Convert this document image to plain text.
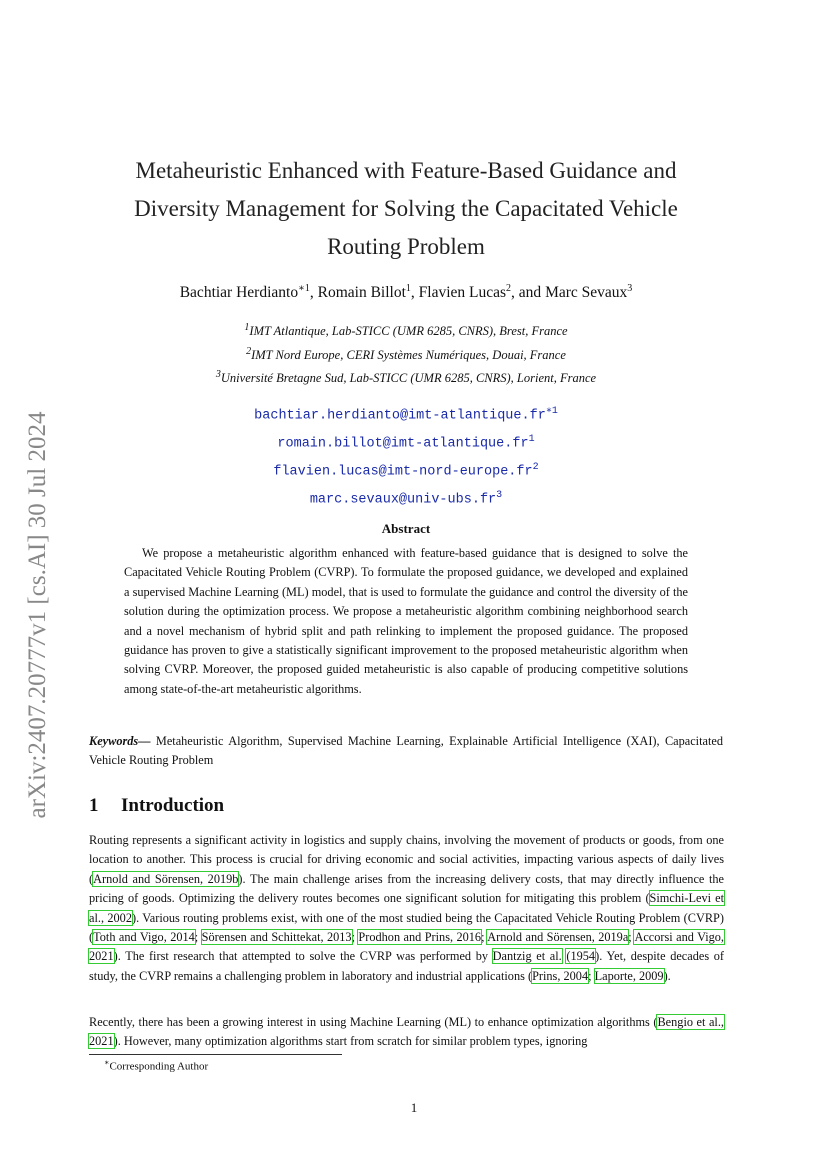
arXiv:2407.20777v1 [cs.AI] 30 Jul 2024
Metaheuristic Enhanced with Feature-Based Guidance and
Diversity Management for Solving the Capacitated Vehicle
Routing Problem
Bachtiar Herdianto$^{∗1}$, Romain Billot$^1$, Flavien Lucas$^2$, and Marc Sevaux$^3$
$^1$IMT Atlantique, Lab-STICC (UMR 6285, CNRS), Brest, France
$^2$IMT Nord Europe, CERI Systèmes Numériques, Douai, France
$^3$Université Bretagne Sud, Lab-STICC (UMR 6285, CNRS), Lorient, France
$bachtiar.herdianto@imt-atlantique.fr^{∗1}$
$romain.billot@imt-atlantique.fr^1$
$flavien.lucas@imt-nord-europe.fr^2$
$marc.sevaux@univ-ubs.fr^3$
Abstract
We propose a metaheuristic algorithm enhanced with feature-based guidance that is designed to solve the Capacitated Vehicle Routing Problem (CVRP). To formulate the proposed guidance, we developed and explained a supervised Machine Learning (ML) model, that is used to formulate the guidance and control the diversity of the solution during the optimization process. We propose a metaheuristic algorithm combining neighborhood search and a novel mechanism of hybrid split and path relinking to implement the proposed guidance. The proposed guidance has proven to give a statistically significant improvement to the proposed metaheuristic algorithm when solving CVRP. Moreover, the proposed guided metaheuristic is also capable of producing competitive solutions among state-of-the-art metaheuristic algorithms.
Keywords— Metaheuristic Algorithm, Supervised Machine Learning, Explainable Artificial Intelligence (XAI), Capacitated Vehicle Routing Problem
1 Introduction
Routing represents a significant activity in logistics and supply chains, involving the movement of products or goods, from one location to another. This process is crucial for driving economic and social activities, impacting various aspects of daily lives (Arnold and Sörensen, 2019b). The main challenge arises from the increasing delivery costs, that may directly influence the pricing of goods. Optimizing the delivery routes becomes one significant solution for mitigating this problem (Simchi-Levi et al., 2002). Various routing problems exist, with one of the most studied being the Capacitated Vehicle Routing Problem (CVRP) (Toth and Vigo, 2014; Sörensen and Schittekat, 2013; Prodhon and Prins, 2016; Arnold and Sörensen, 2019a; Accorsi and Vigo, 2021). The first research that attempted to solve the CVRP was performed by Dantzig et al. (1954). Yet, despite decades of study, the CVRP remains a challenging problem in laboratory and industrial applications (Prins, 2004; Laporte, 2009).
Recently, there has been a growing interest in using Machine Learning (ML) to enhance optimization algorithms (Bengio et al., 2021). However, many optimization algorithms start from scratch for similar problem types, ignoring
∗Corresponding Author
1
